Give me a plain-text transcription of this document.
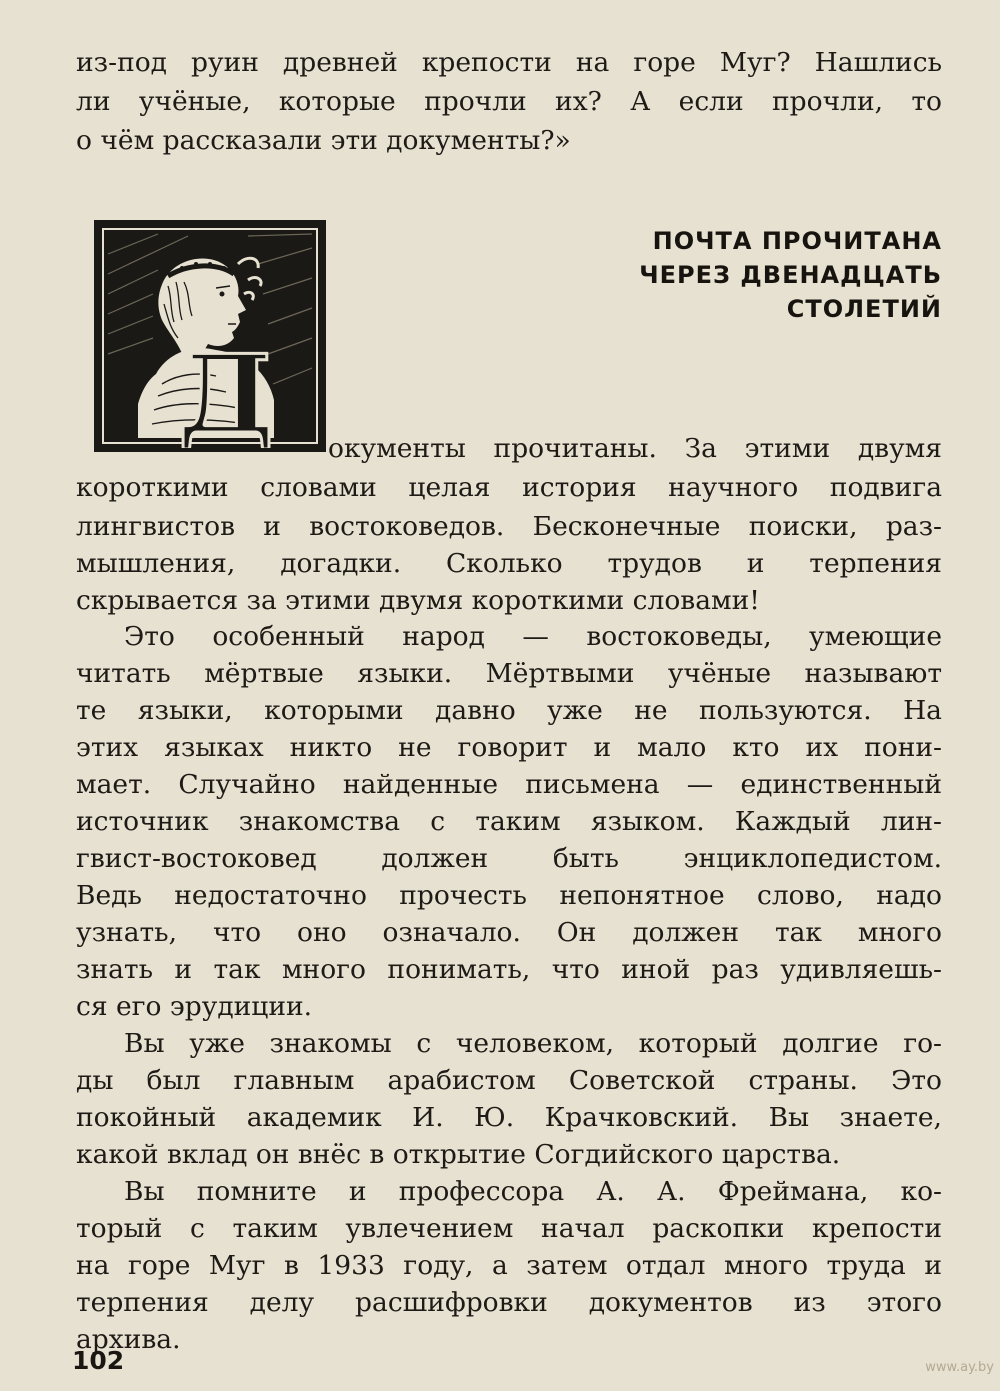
из-под руин древней крепости на горе Муг? Нашлись
ли учёные, которые прочли их? А если прочли, то
о чём рассказали эти документы?»
ПОЧТА ПРОЧИТАНА
ЧЕРЕЗ ДВЕНАДЦАТЬ
СТОЛЕТИЙ
Д окументы прочитаны. За этими двумя
короткими словами целая история научного подвига
лингвистов и востоковедов. Бесконечные поиски, раз-
мышления, догадки. Сколько трудов и терпения
скрывается за этими двумя короткими словами!
Это особенный народ — востоковеды, умеющие
читать мёртвые языки. Мёртвыми учёные называют
те языки, которыми давно уже не пользуются. На
этих языках никто не говорит и мало кто их пони-
мает. Случайно найденные письмена — единственный
источник знакомства с таким языком. Каждый лин-
гвист-востоковед должен быть энциклопедистом.
Ведь недостаточно прочесть непонятное слово, надо
узнать, что оно означало. Он должен так много
знать и так много понимать, что иной раз удивляешь-
ся его эрудиции.
Вы уже знакомы с человеком, который долгие го-
ды был главным арабистом Советской страны. Это
покойный академик И. Ю. Крачковский. Вы знаете,
какой вклад он внёс в открытие Согдийского царства.
Вы помните и профессора А. А. Фреймана, ко-
торый с таким увлечением начал раскопки крепости
на горе Муг в 1933 году, а затем отдал много труда и
терпения делу расшифровки документов из этого
архива.
102	www.ay.by
